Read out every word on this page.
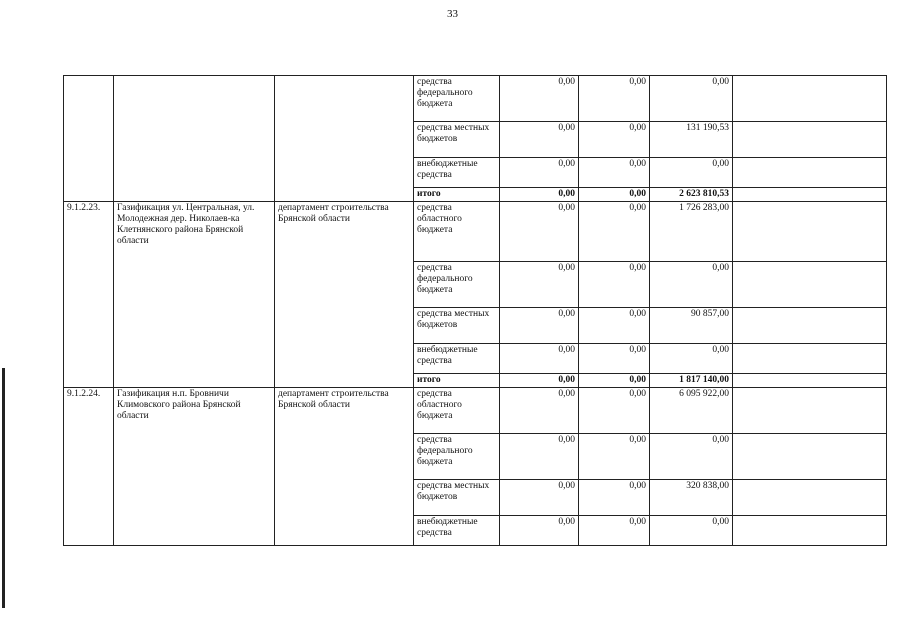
33
			средства федерального бюджета	0,00	0,00	0,00	
			средства местных бюджетов	0,00	0,00	131 190,53	
			внебюджетные средства	0,00	0,00	0,00	
			итого	0,00	0,00	2 623 810,53	
9.1.2.23.	Газификация ул. Центральная, ул. Молодежная дер. Николаев-ка Клетнянского района Брянской области	департамент строительства Брянской области	средства областного бюджета	0,00	0,00	1 726 283,00	
			средства федерального бюджета	0,00	0,00	0,00	
			средства местных бюджетов	0,00	0,00	90 857,00	
			внебюджетные средства	0,00	0,00	0,00	
			итого	0,00	0,00	1 817 140,00	
9.1.2.24.	Газификация н.п. Бровничи Климовского района Брянской области	департамент строительства Брянской области	средства областного бюджета	0,00	0,00	6 095 922,00	
			средства федерального бюджета	0,00	0,00	0,00	
			средства местных бюджетов	0,00	0,00	320 838,00	
			внебюджетные средства	0,00	0,00	0,00	
